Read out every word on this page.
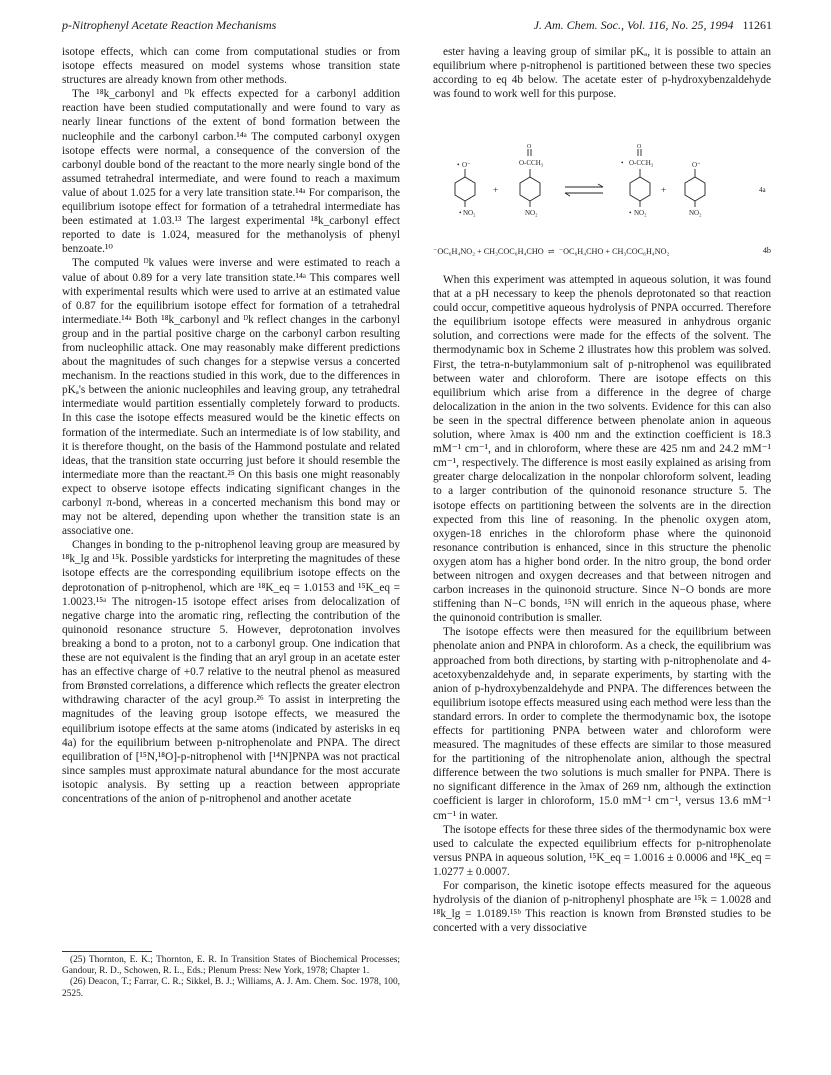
p-Nitrophenyl Acetate Reaction Mechanisms	J. Am. Chem. Soc., Vol. 116, No. 25, 1994 11261

isotope effects, which can come from computational studies or from isotope effects measured on model systems whose transition state structures are already known from other methods.

The ¹⁸k_carbonyl and ᴰk effects expected for a carbonyl addition reaction have been studied computationally and were found to vary as nearly linear functions of the extent of bond formation between the nucleophile and the carbonyl carbon.¹⁴ᵃ The computed carbonyl oxygen isotope effects were normal, a consequence of the conversion of the carbonyl double bond of the reactant to the more nearly single bond of the assumed tetrahedral intermediate, and were found to reach a maximum value of about 1.025 for a very late transition state.¹⁴ᵃ For comparison, the equilibrium isotope effect for formation of a tetrahedral intermediate has been estimated at 1.03.¹³ The largest experimental ¹⁸k_carbonyl effect reported to date is 1.024, measured for the methanolysis of phenyl benzoate.¹⁰

The computed ᴰk values were inverse and were estimated to reach a value of about 0.89 for a very late transition state.¹⁴ᵃ This compares well with experimental results which were used to arrive at an estimated value of 0.87 for the equilibrium isotope effect for formation of a tetrahedral intermediate.¹⁴ᵃ Both ¹⁸k_carbonyl and ᴰk reflect changes in the carbonyl group and in the partial positive charge on the carbonyl carbon resulting from nucleophilic attack. One may reasonably make different predictions about the magnitudes of such changes for a stepwise versus a concerted mechanism. In the reactions studied in this work, due to the differences in pKₐ's between the anionic nucleophiles and leaving group, any tetrahedral intermediate would partition essentially completely forward to products. In this case the isotope effects measured would be the kinetic effects on formation of the intermediate. Such an intermediate is of low stability, and it is therefore thought, on the basis of the Hammond postulate and related ideas, that the transition state occurring just before it should resemble the intermediate more than the reactant.²⁵ On this basis one might reasonably expect to observe isotope effects indicating significant changes in the carbonyl π-bond, whereas in a concerted mechanism this bond may or may not be altered, depending upon whether the transition state is an associative one.

Changes in bonding to the p-nitrophenol leaving group are measured by ¹⁸k_lg and ¹⁵k. Possible yardsticks for interpreting the magnitudes of these isotope effects are the corresponding equilibrium isotope effects on the deprotonation of p-nitrophenol, which are ¹⁸K_eq = 1.0153 and ¹⁵K_eq = 1.0023.¹⁵ᵃ The nitrogen-15 isotope effect arises from delocalization of negative charge into the aromatic ring, reflecting the contribution of the quinonoid resonance structure 5. However, deprotonation involves breaking a bond to a proton, not to a carbonyl group. One indication that these are not equivalent is the finding that an aryl group in an acetate ester has an effective charge of +0.7 relative to the neutral phenol as measured from Brønsted correlations, a difference which reflects the greater electron withdrawing character of the acyl group.²⁶ To assist in interpreting the magnitudes of the leaving group isotope effects, we measured the equilibrium isotope effects at the same atoms (indicated by asterisks in eq 4a) for the equilibrium between p-nitrophenolate and PNPA. The direct equilibration of [¹⁵N,¹⁸O]-p-nitrophenol with [¹⁴N]PNPA was not practical since samples must approximate natural abundance for the most accurate isotopic analysis. By setting up a reaction between appropriate concentrations of the anion of p-nitrophenol and another acetate

(25) Thornton, E. K.; Thornton, E. R. In Transition States of Biochemical Processes; Gandour, R. D., Schowen, R. L., Eds.; Plenum Press: New York, 1978; Chapter 1.

(26) Deacon, T.; Farrar, C. R.; Sikkel, B. J.; Williams, A. J. Am. Chem. Soc. 1978, 100, 2525.

ester having a leaving group of similar pKₐ, it is possible to attain an equilibrium where p-nitrophenol is partitioned between these two species according to eq 4b below. The acetate ester of p-hydroxybenzaldehyde was found to work well for this purpose.

• O⁻
• NO₂
+
O
O-CCH₃
NO₂
O
• O-CCH₃
• NO₂
+
O⁻
NO₂
4a
⁻OC₆H₄NO₂ + CH₃COC₆H₄CHO  ⇌  ⁻OC₆H₄CHO + CH₃COC₆H₄NO₂	4b

When this experiment was attempted in aqueous solution, it was found that at a pH necessary to keep the phenols deprotonated so that reaction could occur, competitive aqueous hydrolysis of PNPA occurred. Therefore the equilibrium isotope effects were measured in anhydrous organic solution, and corrections were made for the effects of the solvent. The thermodynamic box in Scheme 2 illustrates how this problem was solved. First, the tetra-n-butylammonium salt of p-nitrophenol was equilibrated between water and chloroform. There are isotope effects on this equilibrium which arise from a difference in the degree of charge delocalization in the anion in the two solvents. Evidence for this can also be seen in the spectral difference between phenolate anion in aqueous solution, where λmax is 400 nm and the extinction coefficient is 18.3 mM⁻¹ cm⁻¹, and in chloroform, where these are 425 nm and 24.2 mM⁻¹ cm⁻¹, respectively. The difference is most easily explained as arising from greater charge delocalization in the nonpolar chloroform solvent, leading to a larger contribution of the quinonoid resonance structure 5. The isotope effects on partitioning between the solvents are in the direction expected from this line of reasoning. In the phenolic oxygen atom, oxygen-18 enriches in the chloroform phase where the quinonoid resonance contribution is enhanced, since in this structure the phenolic oxygen atom has a higher bond order. In the nitro group, the bond order between nitrogen and oxygen decreases and that between nitrogen and carbon increases in the quinonoid structure. Since N−O bonds are more stiffening than N−C bonds, ¹⁵N will enrich in the aqueous phase, where the quinonoid contribution is smaller.

The isotope effects were then measured for the equilibrium between phenolate anion and PNPA in chloroform. As a check, the equilibrium was approached from both directions, by starting with p-nitrophenolate and 4-acetoxybenzaldehyde and, in separate experiments, by starting with the anion of p-hydroxybenzaldehyde and PNPA. The differences between the equilibrium isotope effects measured using each method were less than the standard errors. In order to complete the thermodynamic box, the isotope effects for partitioning PNPA between water and chloroform were measured. The magnitudes of these effects are similar to those measured for the partitioning of the nitrophenolate anion, although the spectral difference between the two solutions is much smaller for PNPA. There is no significant difference in the λmax of 269 nm, although the extinction coefficient is larger in chloroform, 15.0 mM⁻¹ cm⁻¹, versus 13.6 mM⁻¹ cm⁻¹ in water.

The isotope effects for these three sides of the thermodynamic box were used to calculate the expected equilibrium effects for p-nitrophenolate versus PNPA in aqueous solution, ¹⁵K_eq = 1.0016 ± 0.0006 and ¹⁸K_eq = 1.0277 ± 0.0007.

For comparison, the kinetic isotope effects measured for the aqueous hydrolysis of the dianion of p-nitrophenyl phosphate are ¹⁵k = 1.0028 and ¹⁸k_lg = 1.0189.¹⁵ᵇ This reaction is known from Brønsted studies to be concerted with a very dissociative
